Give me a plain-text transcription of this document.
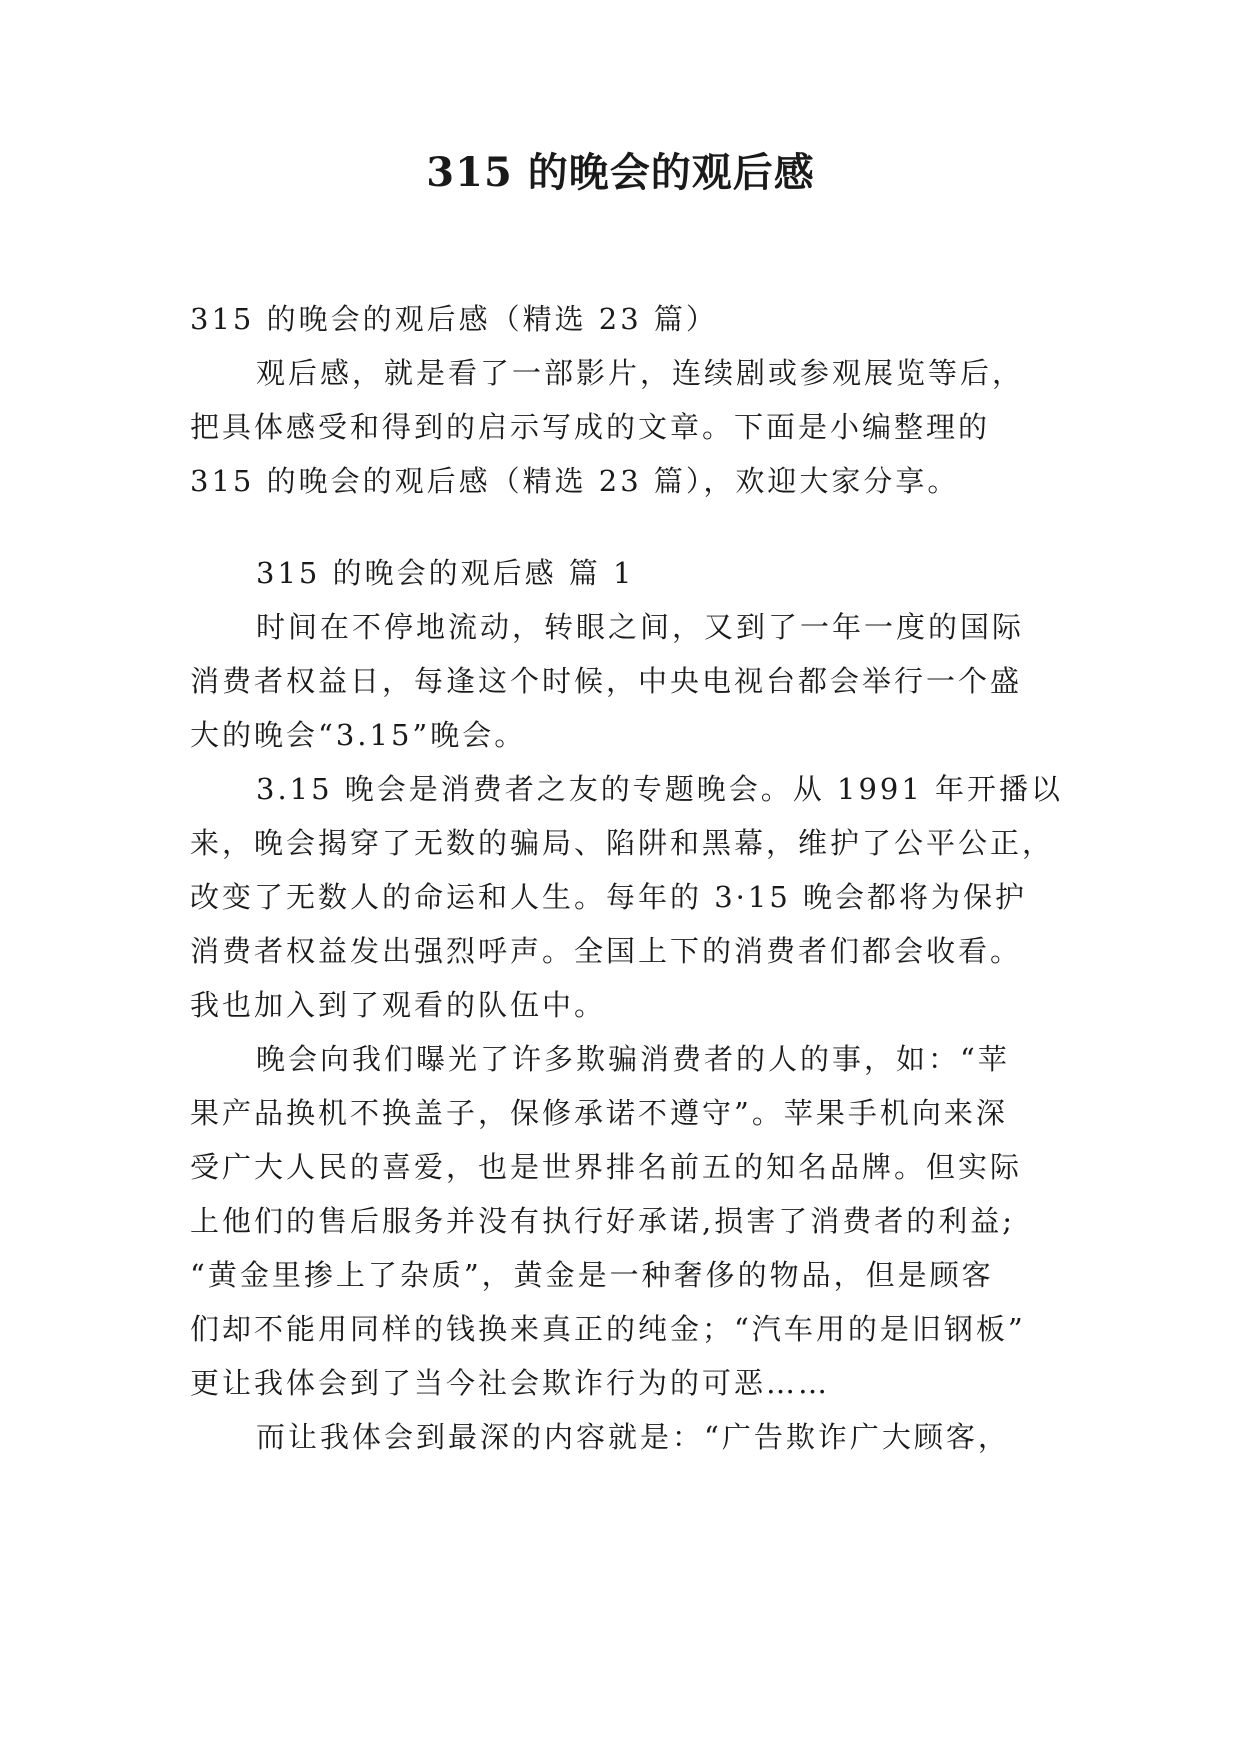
315 的晚会的观后感
315 的晚会的观后感（精选 23 篇）
观后感，就是看了一部影片，连续剧或参观展览等后，
把具体感受和得到的启示写成的文章。下面是小编整理的
315 的晚会的观后感（精选 23 篇），欢迎大家分享。
315 的晚会的观后感 篇 1
时间在不停地流动，转眼之间，又到了一年一度的国际
消费者权益日，每逢这个时候，中央电视台都会举行一个盛
大的晚会“3.15”晚会。
3.15 晚会是消费者之友的专题晚会。从 1991 年开播以
来，晚会揭穿了无数的骗局、陷阱和黑幕，维护了公平公正，
改变了无数人的命运和人生。每年的 3·15 晚会都将为保护
消费者权益发出强烈呼声。全国上下的消费者们都会收看。
我也加入到了观看的队伍中。
晚会向我们曝光了许多欺骗消费者的人的事，如：“苹
果产品换机不换盖子，保修承诺不遵守”。苹果手机向来深
受广大人民的喜爱，也是世界排名前五的知名品牌。但实际
上他们的售后服务并没有执行好承诺,损害了消费者的利益;
“黄金里掺上了杂质”，黄金是一种奢侈的物品，但是顾客
们却不能用同样的钱换来真正的纯金；“汽车用的是旧钢板”
更让我体会到了当今社会欺诈行为的可恶……
而让我体会到最深的内容就是：“广告欺诈广大顾客，
